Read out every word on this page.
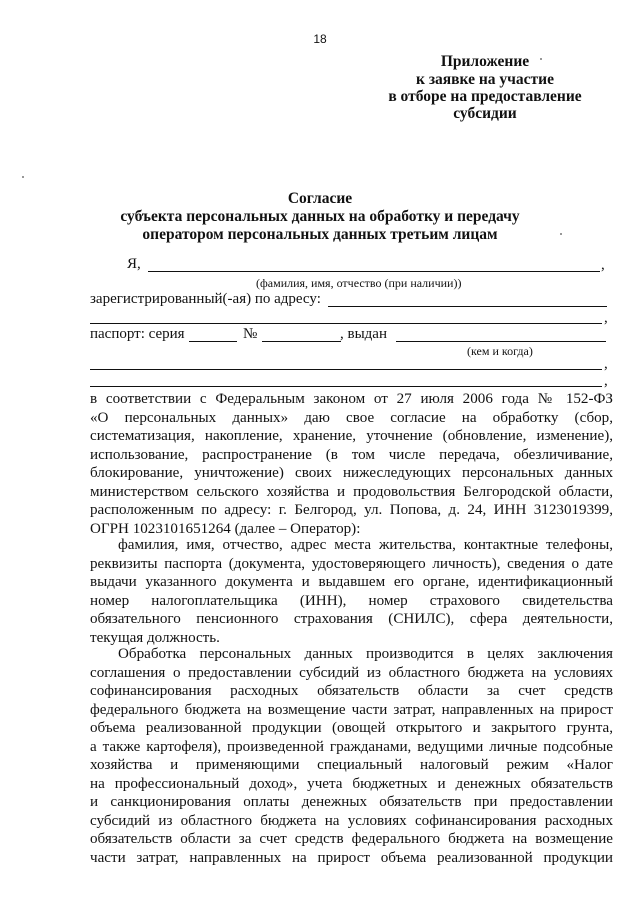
18
Приложение
к заявке на участие
в отборе на предоставление
субсидии
Согласие
субъекта персональных данных на обработку и передачу
оператором персональных данных третьим лицам
Я,	,
(фамилия, имя, отчество (при наличии))
зарегистрированный(-ая) по адресу:
,
паспорт: серия	№	, выдан
(кем и когда)
,
,
в соответствии с Федеральным законом от 27 июля 2006 года № 152-ФЗ
«О персональных данных» даю свое согласие на обработку (сбор,
систематизация, накопление, хранение, уточнение (обновление, изменение),
использование, распространение (в том числе передача, обезличивание,
блокирование, уничтожение) своих нижеследующих персональных данных
министерством сельского хозяйства и продовольствия Белгородской области,
расположенным по адресу: г. Белгород, ул. Попова, д. 24, ИНН 3123019399,
ОГРН 1023101651264 (далее – Оператор):
фамилия, имя, отчество, адрес места жительства, контактные телефоны,
реквизиты паспорта (документа, удостоверяющего личность), сведения о дате
выдачи указанного документа и выдавшем его органе, идентификационный
номер налогоплательщика (ИНН), номер страхового свидетельства
обязательного пенсионного страхования (СНИЛС), сфера деятельности,
текущая должность.
Обработка персональных данных производится в целях заключения
соглашения о предоставлении субсидий из областного бюджета на условиях
софинансирования расходных обязательств области за счет средств
федерального бюджета на возмещение части затрат, направленных на прирост
объема реализованной продукции (овощей открытого и закрытого грунта,
а также картофеля), произведенной гражданами, ведущими личные подсобные
хозяйства и применяющими специальный налоговый режим «Налог
на профессиональный доход», учета бюджетных и денежных обязательств
и санкционирования оплаты денежных обязательств при предоставлении
субсидий из областного бюджета на условиях софинансирования расходных
обязательств области за счет средств федерального бюджета на возмещение
части затрат, направленных на прирост объема реализованной продукции
